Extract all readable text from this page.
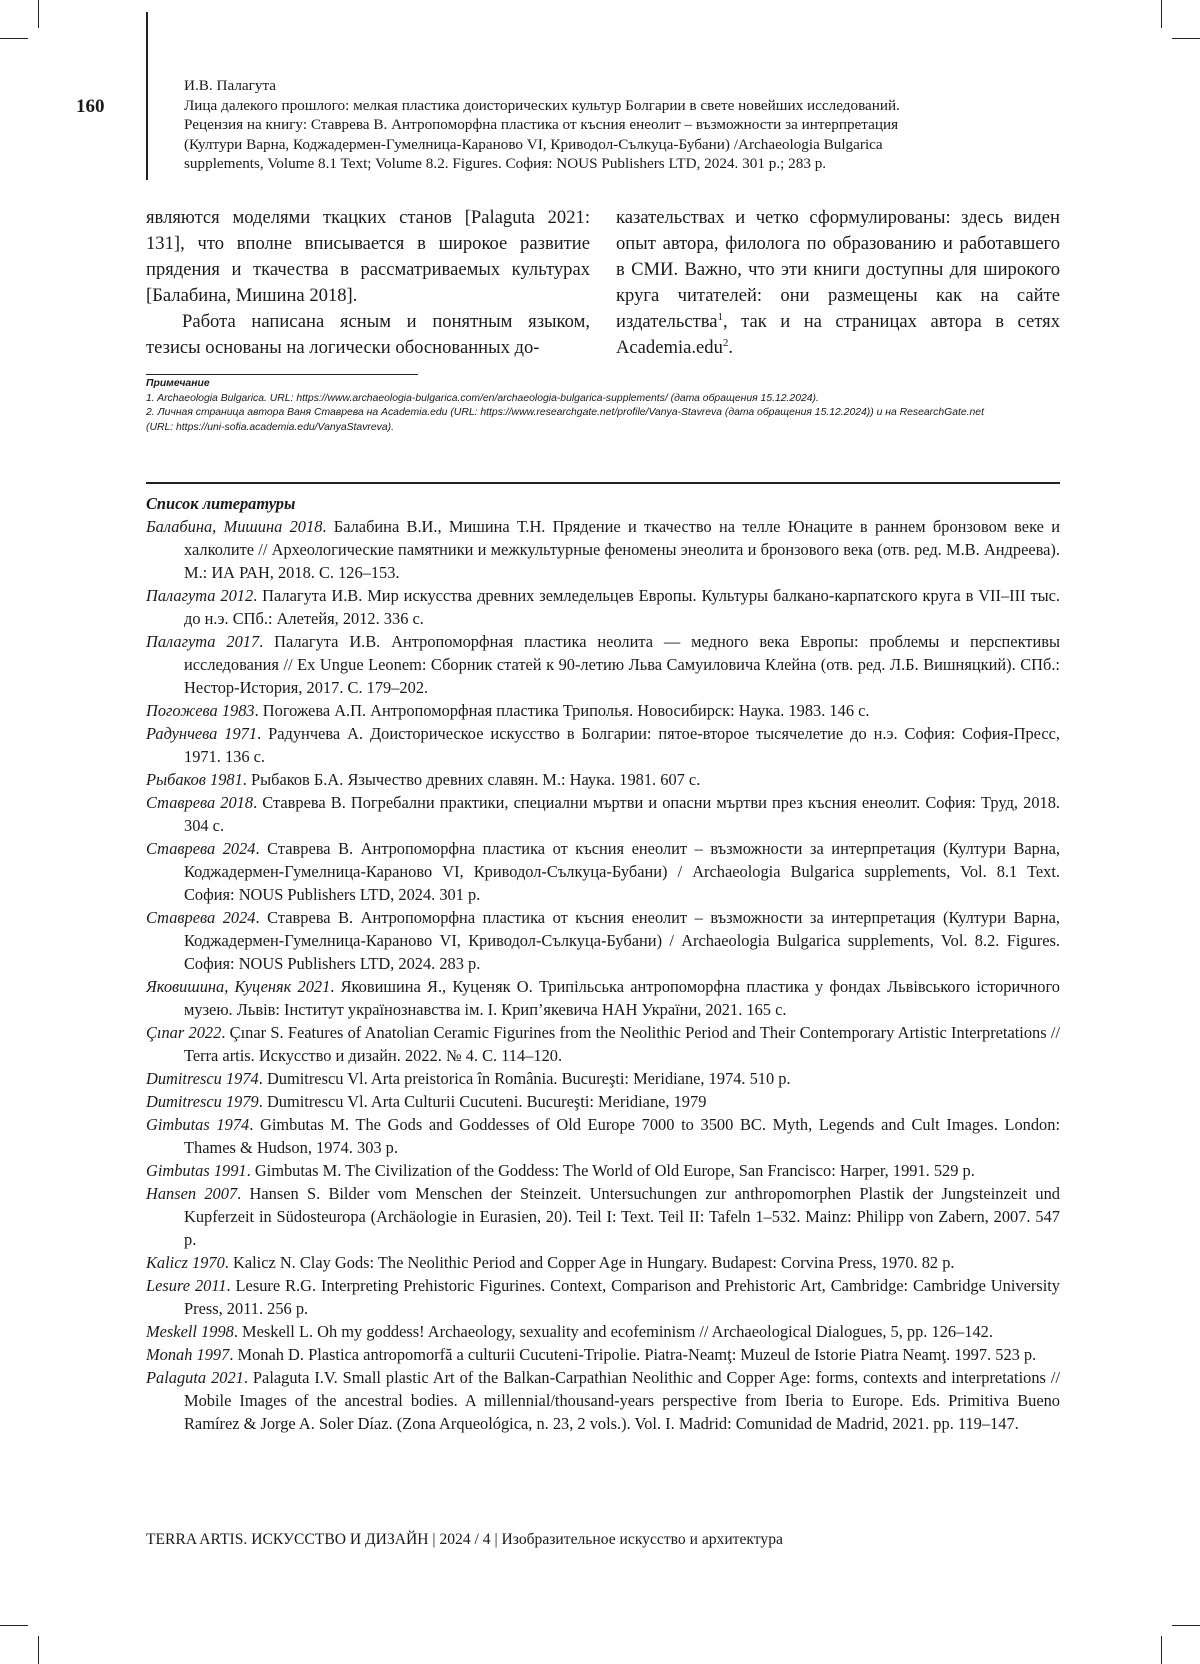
160
И.В. Палагута
Лица далекого прошлого: мелкая пластика доисторических культур Болгарии в свете новейших исследований.
Рецензия на книгу: Ставрева В. Антропоморфна пластика от късния енеолит – възможности за интерпретация
(Култури Варна, Коджадермен-Гумелница-Караново VI, Криводол-Сълкуца-Бубани) /Archaeologia Bulgarica
supplements, Volume 8.1 Text; Volume 8.2. Figures. София: NOUS Publishers LTD, 2024. 301 р.; 283 р.

являются моделями ткацких станов [Palaguta 2021: 131], что вполне вписывается в широкое развитие прядения и ткачества в рассматриваемых культурах [Балабина, Мишина 2018].

Работа написана ясным и понятным языком, тезисы основаны на логически обоснованных до-

казательствах и четко сформулированы: здесь виден опыт автора, филолога по образованию и работавшего в СМИ. Важно, что эти книги доступны для широкого круга читателей: они размещены как на сайте издательства$^1$, так и на страницах автора в сетях Academia.edu$^2$.

Примечание
1. Archaeologia Bulgarica. URL: https://www.archaeologia-bulgarica.com/en/archaeologia-bulgarica-supplements/ (дата обращения 15.12.2024).
2. Личная страница автора Ваня Ставрева на Academia.edu (URL: https://www.researchgate.net/profile/Vanya-Stavreva (дата обращения 15.12.2024)) и на ResearchGate.net
(URL: https://uni-sofia.academia.edu/VanyaStavreva).
Список литературы
Балабина, Мишина 2018. Балабина В.И., Мишина Т.Н. Прядение и ткачество на телле Юнаците в раннем бронзовом веке и халколите // Археологические памятники и межкультурные феномены энеолита и бронзового века (отв. ред. М.В. Андреева). М.: ИА РАН, 2018. С. 126–153.
Палагута 2012. Палагута И.В. Мир искусства древних земледельцев Европы. Культуры балкано-карпатского круга в VII–III тыс. до н.э. СПб.: Алетейя, 2012. 336 с.
Палагута 2017. Палагута И.В. Антропоморфная пластика неолита — медного века Европы: проблемы и перспективы исследования // Ex Ungue Leonem: Сборник статей к 90-летию Льва Самуиловича Клейна (отв. ред. Л.Б. Вишняцкий). СПб.: Нестор-История, 2017. С. 179–202.
Погожева 1983. Погожева А.П. Антропоморфная пластика Триполья. Новосибирск: Наука. 1983. 146 с.
Радунчева 1971. Радунчева А. Доисторическое искусство в Болгарии: пятое-второе тысячелетие до н.э. София: София-Пресс, 1971. 136 с.
Рыбаков 1981. Рыбаков Б.А. Язычество древних славян. М.: Наука. 1981. 607 с.
Ставрева 2018. Ставрева В. Погребални практики, специални мъртви и опасни мъртви през късния енеолит. София: Труд, 2018. 304 с.
Ставрева 2024. Ставрева В. Антропоморфна пластика от късния енеолит – възможности за интерпретация (Култури Варна, Коджадермен-Гумелница-Караново VI, Криводол-Сълкуца-Бубани) / Archaeologia Bulgarica supplements, Vol. 8.1 Text. София: NOUS Publishers LTD, 2024. 301 р.
Ставрева 2024. Ставрева В. Антропоморфна пластика от късния енеолит – възможности за интерпретация (Култури Варна, Коджадермен-Гумелница-Караново VI, Криводол-Сълкуца-Бубани) / Archaeologia Bulgarica supplements, Vol. 8.2. Figures. София: NOUS Publishers LTD, 2024. 283 р.
Яковишина, Куценяк 2021. Яковишина Я., Куценяк О. Трипільська антропоморфна пластика у фондах Львівського історичного музею. Львів: Інститут українознавства ім. І. Крип’якевича НАН України, 2021. 165 с.
Çınar 2022. Çınar S. Features of Anatolian Ceramic Figurines from the Neolithic Period and Their Contemporary Artistic Interpretations // Terra artis. Искусство и дизайн. 2022. № 4. С. 114–120.
Dumitrescu 1974. Dumitrescu Vl. Arta preistorica în România. Bucureşti: Meridiane, 1974. 510 p.
Dumitrescu 1979. Dumitrescu Vl. Arta Culturii Cucuteni. Bucureşti: Meridiane, 1979
Gimbutas 1974. Gimbutas M. The Gods and Goddesses of Old Europe 7000 to 3500 BC. Myth, Legends and Cult Images. London: Thames & Hudson, 1974. 303 p.
Gimbutas 1991. Gimbutas M. The Civilization of the Goddess: The World of Old Europe, San Francisco: Harper, 1991. 529 p.
Hansen 2007. Hansen S. Bilder vom Menschen der Steinzeit. Untersuchungen zur anthropomorphen Plastik der Jungsteinzeit und Kupferzeit in Südosteuropa (Archäologie in Eurasien, 20). Teil I: Text. Teil II: Tafeln 1–532. Mainz: Philipp von Zabern, 2007. 547 p.
Kalicz 1970. Kalicz N. Clay Gods: The Neolithic Period and Copper Age in Hungary. Budapest: Corvina Press, 1970. 82 p.
Lesure 2011. Lesure R.G. Interpreting Prehistoric Figurines. Context, Comparison and Prehistoric Art, Cambridge: Cambridge University Press, 2011. 256 p.
Meskell 1998. Meskell L. Oh my goddess! Archaeology, sexuality and ecofeminism // Archaeological Dialogues, 5, pp. 126–142.
Monah 1997. Monah D. Plastica antropomorfă a culturii Cucuteni-Tripolie. Piatra-Neamţ: Muzeul de Istorie Piatra Neamţ. 1997. 523 p.
Palaguta 2021. Palaguta I.V. Small plastic Art of the Balkan-Carpathian Neolithic and Copper Age: forms, contexts and interpretations // Mobile Images of the ancestral bodies. A millennial/thousand-years perspective from Iberia to Europe. Eds. Primitiva Bueno Ramírez & Jorge A. Soler Díaz. (Zona Arqueológica, n. 23, 2 vols.). Vol. I. Madrid: Comunidad de Madrid, 2021. pp. 119–147.
TERRA ARTIS. ИСКУССТВО И ДИЗАЙН | 2024 / 4 | Изобразительное искусство и архитектура
